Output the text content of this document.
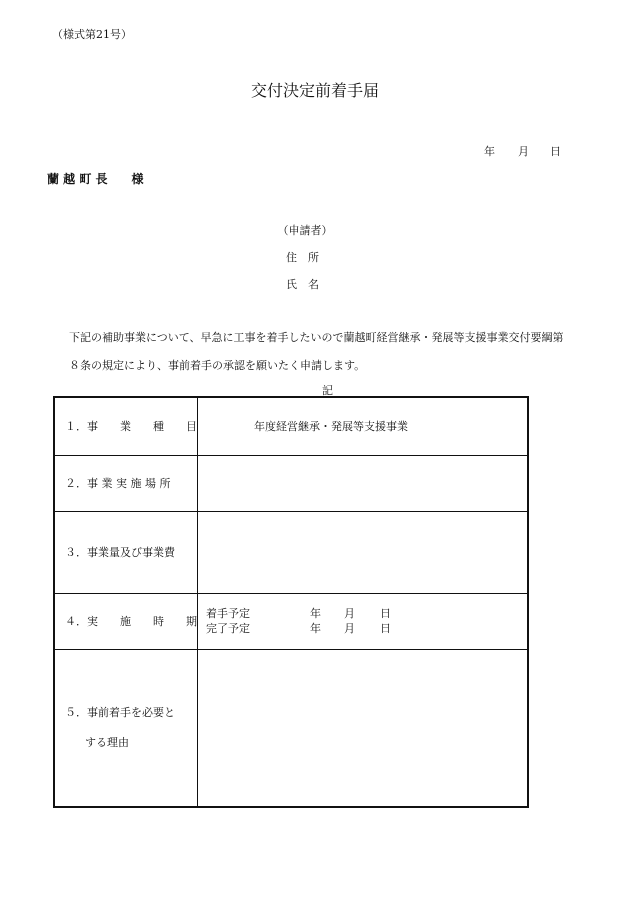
（様式第21号）
交付決定前着手届
年 月 日
蘭 越 町 長　　様
（申請者）
住　所
氏　名
下記の補助事業について、早急に工事を着手したいので蘭越町経営継承・発展等支援事業交付要綱第
８条の規定により、事前着手の承認を願いたく申請します。
記
１．事　　業　　種　　目	年度経営継承・発展等支援事業
２．事 業 実 施 場 所	
３．事業量及び事業費	
４．実　　施　　時　　期	着手予定 年 月 日
完了予定 年 月 日

５．事前着手を必要と
する理由	
